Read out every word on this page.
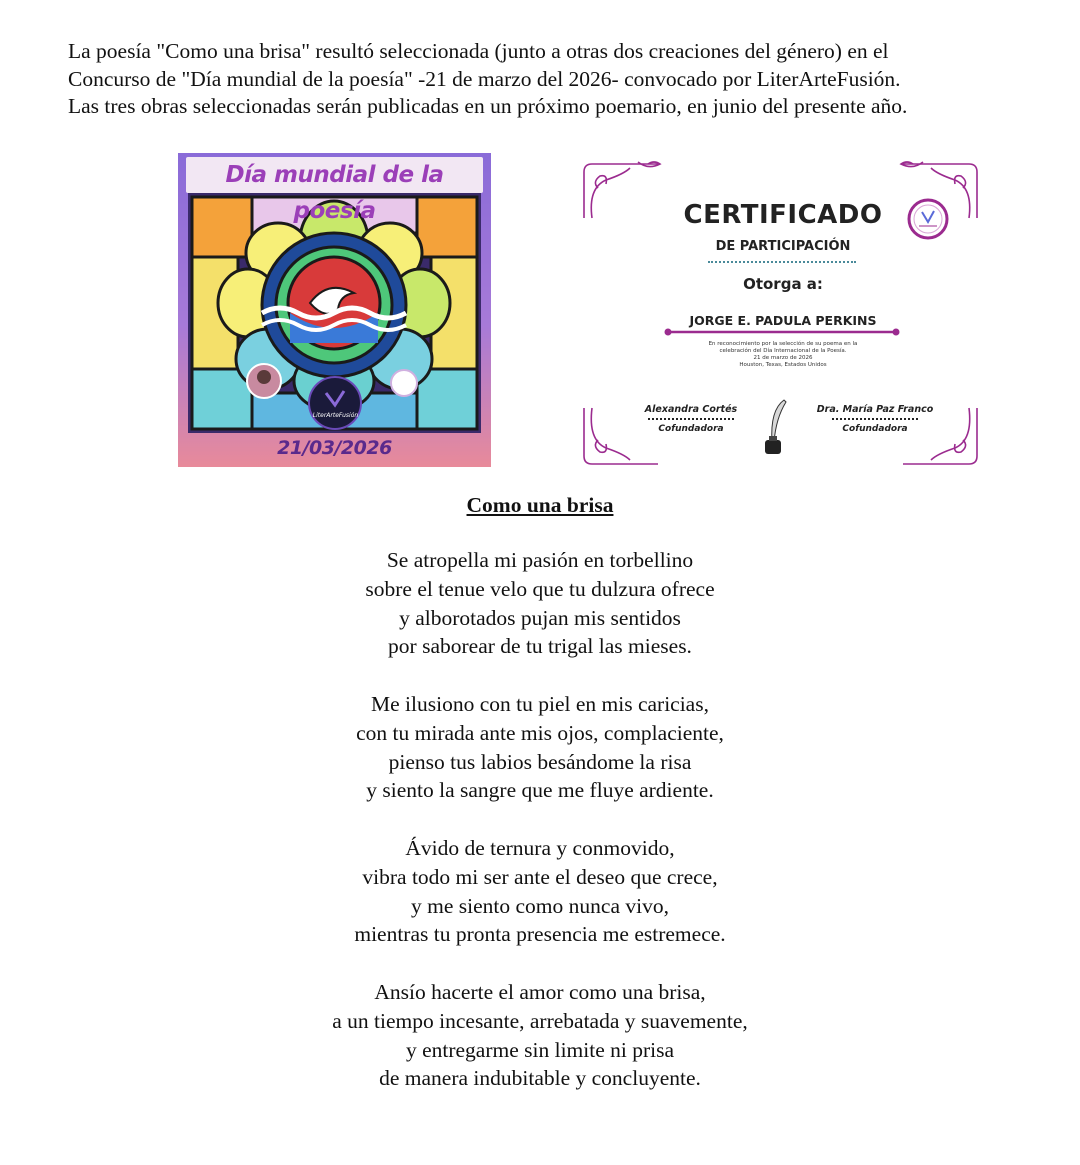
La poesía "Como una brisa" resultó seleccionada (junto a otras dos creaciones del género) en el

Concurso de "Día mundial de la poesía" -21 de marzo del 2026- convocado por LiterArteFusión.

Las tres obras seleccionadas serán publicadas en un próximo poemario, en junio del presente año.

Día mundial de la poesía
LiterArteFusión
21/03/2026
CERTIFICADO
DE PARTICIPACIÓN
Otorga a:
JORGE E. PADULA PERKINS
En reconocimiento por la selección de su poema en la
celebración del Día Internacional de la Poesía.
21 de marzo de 2026
Houston, Texas, Estados Unidos
Alexandra Cortés
Cofundadora
Dra. María Paz Franco
Cofundadora
Como una brisa
Se atropella mi pasión en torbellino
sobre el tenue velo que tu dulzura ofrece
y alborotados pujan mis sentidos
por saborear de tu trigal las mieses.
Me ilusiono con tu piel en mis caricias,
con tu mirada ante mis ojos, complaciente,
pienso tus labios besándome la risa
y siento la sangre que me fluye ardiente.
Ávido de ternura y conmovido,
vibra todo mi ser ante el deseo que crece,
y me siento como nunca vivo,
mientras tu pronta presencia me estremece.
Ansío hacerte el amor como una brisa,
a un tiempo incesante, arrebatada y suavemente,
y entregarme sin limite ni prisa
de manera indubitable y concluyente.
